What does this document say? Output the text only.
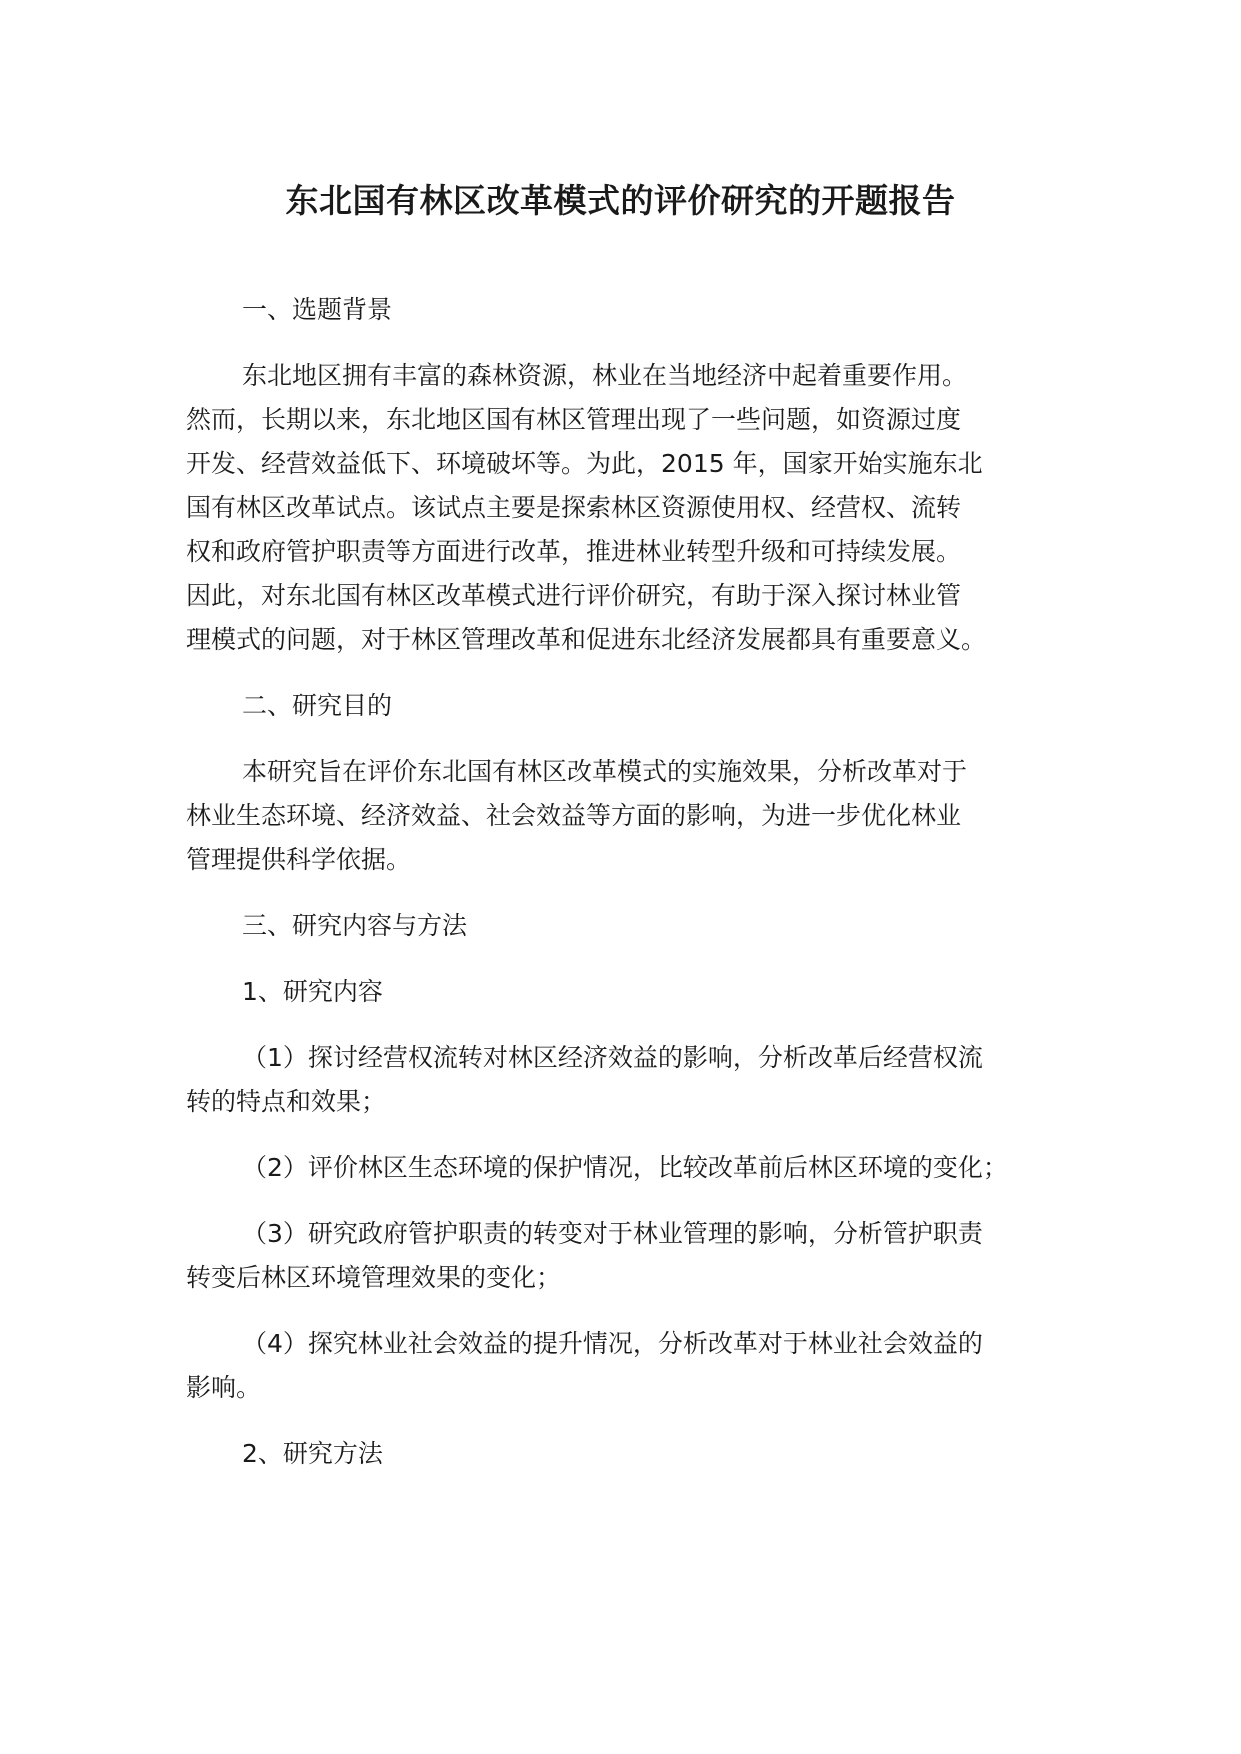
东北国有林区改革模式的评价研究的开题报告

一、选题背景

东北地区拥有丰富的森林资源，林业在当地经济中起着重要作用。
然而，长期以来，东北地区国有林区管理出现了一些问题，如资源过度
开发、经营效益低下、环境破坏等。为此，2015 年，国家开始实施东北
国有林区改革试点。该试点主要是探索林区资源使用权、经营权、流转
权和政府管护职责等方面进行改革，推进林业转型升级和可持续发展。
因此，对东北国有林区改革模式进行评价研究，有助于深入探讨林业管
理模式的问题，对于林区管理改革和促进东北经济发展都具有重要意义。

二、研究目的

本研究旨在评价东北国有林区改革模式的实施效果，分析改革对于
林业生态环境、经济效益、社会效益等方面的影响，为进一步优化林业
管理提供科学依据。

三、研究内容与方法

1、研究内容

（1）探讨经营权流转对林区经济效益的影响，分析改革后经营权流
转的特点和效果；

（2）评价林区生态环境的保护情况，比较改革前后林区环境的变化；

（3）研究政府管护职责的转变对于林业管理的影响，分析管护职责
转变后林区环境管理效果的变化；

（4）探究林业社会效益的提升情况，分析改革对于林业社会效益的
影响。

2、研究方法
